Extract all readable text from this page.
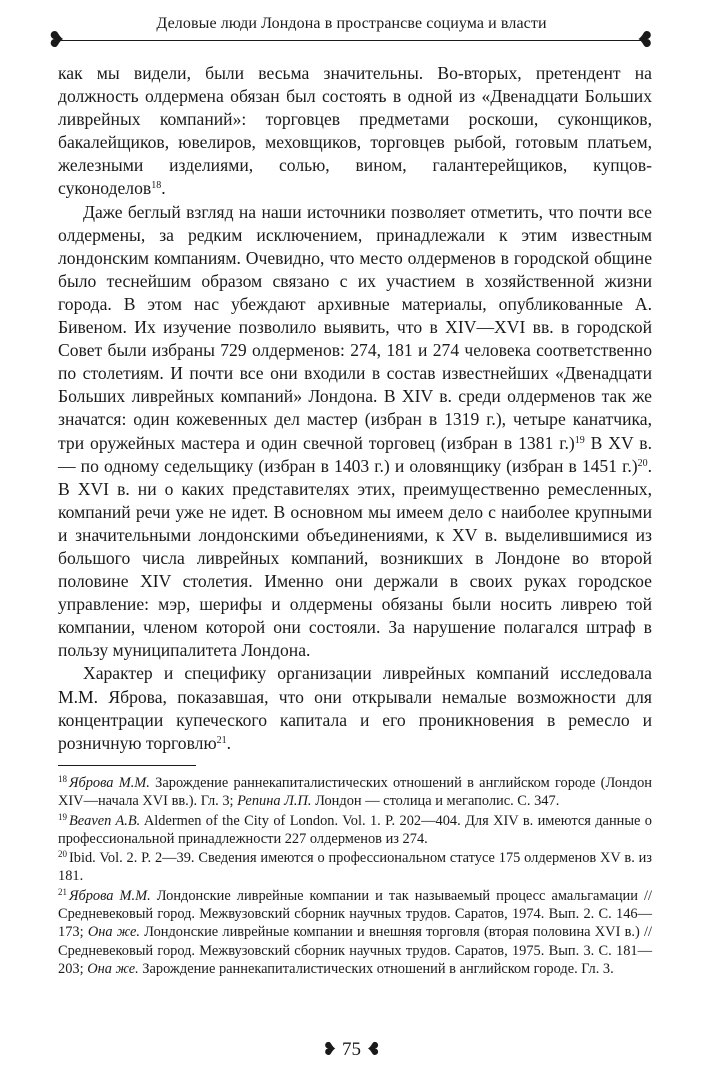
Деловые люди Лондона в пространсве социума и власти
❥	❥

как мы видели, были весьма значительны. Во-вторых, претендент на должность олдермена обязан был состоять в одной из «Двенадцати Больших ливрейных компаний»: торговцев предметами роскоши, суконщиков, бакалейщиков, ювелиров, меховщиков, торговцев рыбой, готовым платьем, железными изделиями, солью, вином, галантерейщиков, купцов-суконоделов$^{18}$.

Даже беглый взгляд на наши источники позволяет отметить, что почти все олдермены, за редким исключением, принадлежали к этим известным лондонским компаниям. Очевидно, что место олдерменов в городской общине было теснейшим образом связано с их участием в хозяйственной жизни города. В этом нас убеждают архивные материалы, опубликованные А. Бивеном. Их изучение позволило выявить, что в XIV—XVI вв. в городской Совет были избраны 729 олдерменов: 274, 181 и 274 человека соответственно по столетиям. И почти все они входили в состав известнейших «Двенадцати Больших ливрейных компаний» Лондона. В XIV в. среди олдерменов так же значатся: один кожевенных дел мастер (избран в 1319 г.), четыре канатчика, три оружейных мастера и один свечной торговец (избран в 1381 г.)$^{19}$ В XV в. — по одному седельщику (избран в 1403 г.) и оловянщику (избран в 1451 г.)$^{20}$. В XVI в. ни о каких представителях этих, преимущественно ремесленных, компаний речи уже не идет. В основном мы имеем дело с наиболее крупными и значительными лондонскими объединениями, к XV в. выделившимися из большого числа ливрейных компаний, возникших в Лондоне во второй половине XIV столетия. Именно они держали в своих руках городское управление: мэр, шерифы и олдермены обязаны были носить ливрею той компании, членом которой они состояли. За нарушение полагался штраф в пользу муниципалитета Лондона.

Характер и специфику организации ливрейных компаний исследовала М.М. Яброва, показавшая, что они открывали немалые возможности для концентрации купеческого капитала и его проникновения в ремесло и розничную торговлю$^{21}$.

$^{18}$ Яброва М.М. Зарождение раннекапиталистических отношений в английском городе (Лондон XIV—начала XVI вв.). Гл. 3; Репина Л.П. Лондон — столица и мегаполис. С. 347.

$^{19}$ Beaven A.B. Aldermen of the City of London. Vol. 1. P. 202—404. Для XIV в. имеются данные о профессиональной принадлежности 227 олдерменов из 274.

$^{20}$ Ibid. Vol. 2. P. 2—39. Сведения имеются о профессиональном статусе 175 олдерменов XV в. из 181.

$^{21}$ Яброва М.М. Лондонские ливрейные компании и так называемый процесс амальгамации // Средневековый город. Межвузовский сборник научных трудов. Саратов, 1974. Вып. 2. С. 146—173; Она же. Лондонские ливрейные компании и внешняя торговля (вторая половина XVI в.) // Средневековый город. Межвузовский сборник научных трудов. Саратов, 1975. Вып. 3. С. 181—203; Она же. Зарождение раннекапиталистических отношений в английском городе. Гл. 3.

❥ 75 ❥
